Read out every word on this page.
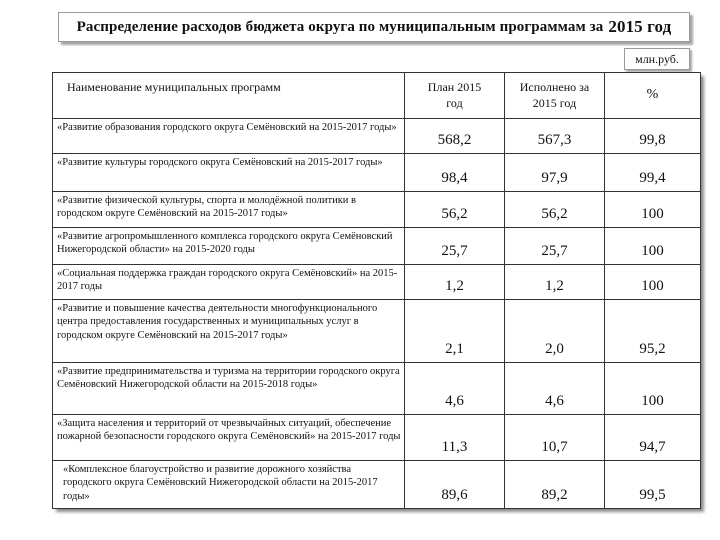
Распределение расходов бюджета округа по муниципальным программам за 2015 год
млн.руб.
Наименование муниципальных программ	План 2015 год	Исполнено за 2015 год	%
«Развитие образования городского округа Семёновский на 2015-2017 годы»	568,2	567,3	99,8
«Развитие культуры городского округа Семёновский на 2015-2017 годы»	98,4	97,9	99,4
«Развитие физической культуры, спорта и молодёжной политики в городском округе Семёновский на 2015-2017 годы»	56,2	56,2	100
«Развитие агропромышленного комплекса городского округа Семёновский Нижегородской области» на 2015-2020 годы	25,7	25,7	100
«Социальная поддержка граждан городского округа Семёновский» на 2015-2017 годы	1,2	1,2	100
«Развитие и повышение качества деятельности многофункционального центра предоставления государственных и муниципальных услуг в городском округе Семёновский на 2015-2017 годы»	2,1	2,0	95,2
«Развитие предпринимательства и туризма на территории городского округа Семёновский Нижегородской области на 2015-2018 годы»	4,6	4,6	100
«Защита населения и территорий от чрезвычайных ситуаций, обеспечение пожарной безопасности городского округа Семёновский» на 2015-2017 годы	11,3	10,7	94,7
«Комплексное благоустройство и развитие дорожного хозяйства городского округа Семёновский Нижегородской области на 2015-2017 годы»	89,6	89,2	99,5
